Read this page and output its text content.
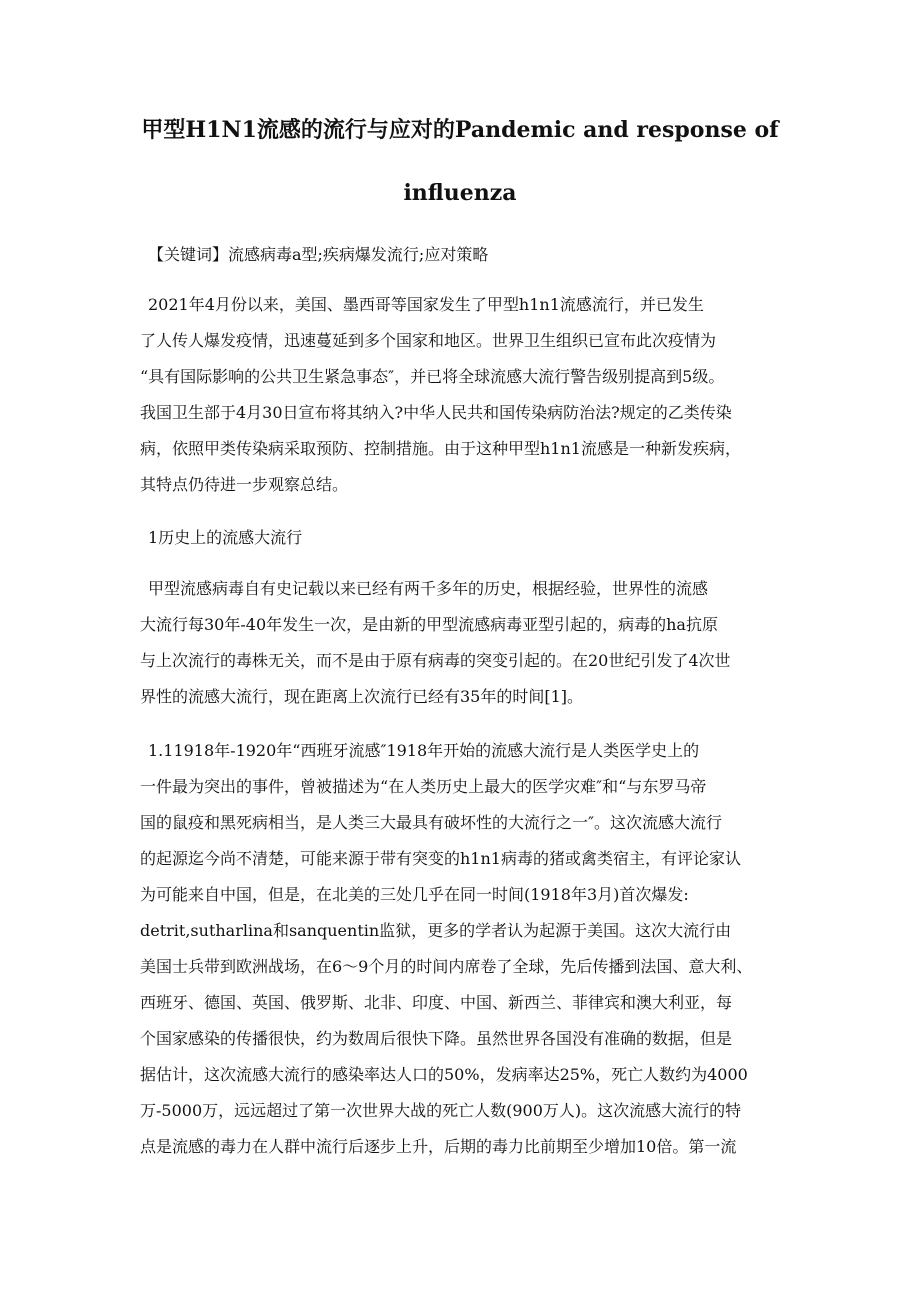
甲型H1N1流感的流行与应对的Pandemic and response of
influenza

【关键词】流感病毒a型;疾病爆发流行;应对策略

2021年4月份以来，美国、墨西哥等国家发生了甲型h1n1流感流行，并已发生

了人传人爆发疫情，迅速蔓延到多个国家和地区。世界卫生组织已宣布此次疫情为

“具有国际影响的公共卫生紧急事态″，并已将全球流感大流行警告级别提高到5级。

我国卫生部于4月30日宣布将其纳入?中华人民共和国传染病防治法?规定的乙类传染

病，依照甲类传染病采取预防、控制措施。由于这种甲型h1n1流感是一种新发疾病，

其特点仍待进一步观察总结。

1历史上的流感大流行

甲型流感病毒自有史记载以来已经有两千多年的历史，根据经验，世界性的流感

大流行每30年-40年发生一次，是由新的甲型流感病毒亚型引起的，病毒的ha抗原

与上次流行的毒株无关，而不是由于原有病毒的突变引起的。在20世纪引发了4次世

界性的流感大流行，现在距离上次流行已经有35年的时间[1]。

1.11918年-1920年“西班牙流感″1918年开始的流感大流行是人类医学史上的

一件最为突出的事件，曾被描述为“在人类历史上最大的医学灾难″和“与东罗马帝

国的鼠疫和黑死病相当，是人类三大最具有破坏性的大流行之一″。这次流感大流行

的起源迄今尚不清楚，可能来源于带有突变的h1n1病毒的猪或禽类宿主，有评论家认

为可能来自中国，但是，在北美的三处几乎在同一时间(1918年3月)首次爆发:

detrit,sutharlina和sanquentin监狱，更多的学者认为起源于美国。这次大流行由

美国士兵带到欧洲战场，在6～9个月的时间内席卷了全球，先后传播到法国、意大利、

西班牙、德国、英国、俄罗斯、北非、印度、中国、新西兰、菲律宾和澳大利亚，每

个国家感染的传播很快，约为数周后很快下降。虽然世界各国没有准确的数据，但是

据估计，这次流感大流行的感染率达人口的50%，发病率达25%，死亡人数约为4000

万-5000万，远远超过了第一次世界大战的死亡人数(900万人)。这次流感大流行的特

点是流感的毒力在人群中流行后逐步上升，后期的毒力比前期至少增加10倍。第一流
